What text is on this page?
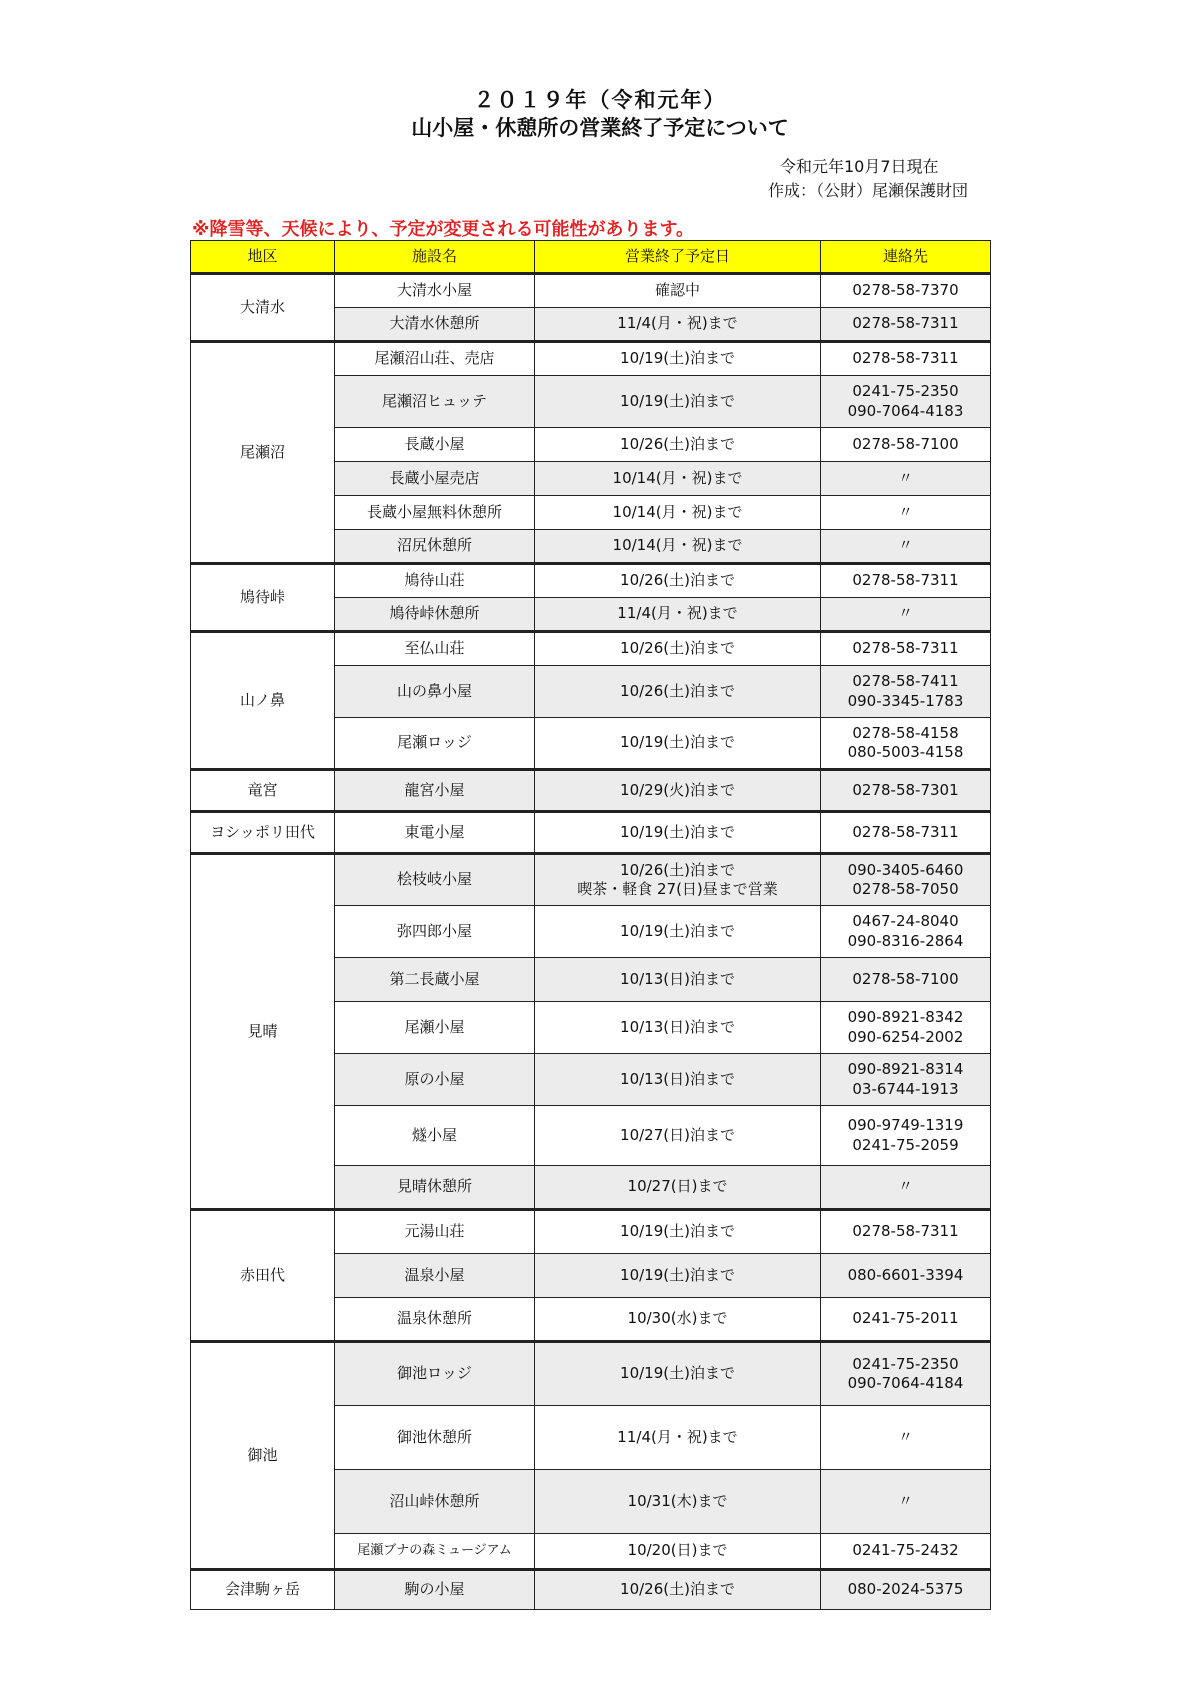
２０１９年（令和元年）
山小屋・休憩所の営業終了予定について
令和元年10月7日現在
作成：（公財）尾瀬保護財団
※降雪等、天候により、予定が変更される可能性があります。
地区	施設名	営業終了予定日	連絡先
大清水	大清水小屋	確認中	0278-58-7370

	大清水休憩所	11/4(月・祝)まで	0278-58-7311

尾瀬沼	尾瀬沼山荘、売店	10/19(土)泊まで	0278-58-7311

	尾瀬沼ヒュッテ	10/19(土)泊まで	0241-75-2350
090-7064-4183

	長蔵小屋	10/26(土)泊まで	0278-58-7100

	長蔵小屋売店	10/14(月・祝)まで	〃

	長蔵小屋無料休憩所	10/14(月・祝)まで	〃

	沼尻休憩所	10/14(月・祝)まで	〃

鳩待峠	鳩待山荘	10/26(土)泊まで	0278-58-7311

	鳩待峠休憩所	11/4(月・祝)まで	〃

山ノ鼻	至仏山荘	10/26(土)泊まで	0278-58-7311

	山の鼻小屋	10/26(土)泊まで	0278-58-7411
090-3345-1783

	尾瀬ロッジ	10/19(土)泊まで	0278-58-4158
080-5003-4158

竜宮	龍宮小屋	10/29(火)泊まで	0278-58-7301

ヨシッポリ田代	東電小屋	10/19(土)泊まで	0278-58-7311

見晴	桧枝岐小屋	10/26(土)泊まで
喫茶・軽食 27(日)昼まで営業	090-3405-6460
0278-58-7050

	弥四郎小屋	10/19(土)泊まで	0467-24-8040
090-8316-2864

	第二長蔵小屋	10/13(日)泊まで	0278-58-7100

	尾瀬小屋	10/13(日)泊まで	090-8921-8342
090-6254-2002

	原の小屋	10/13(日)泊まで	090-8921-8314
03-6744-1913

	燧小屋	10/27(日)泊まで	090-9749-1319
0241-75-2059

	見晴休憩所	10/27(日)まで	〃

赤田代	元湯山荘	10/19(土)泊まで	0278-58-7311

	温泉小屋	10/19(土)泊まで	080-6601-3394

	温泉休憩所	10/30(水)まで	0241-75-2011

御池	御池ロッジ	10/19(土)泊まで	0241-75-2350
090-7064-4184

	御池休憩所	11/4(月・祝)まで	〃

	沼山峠休憩所	10/31(木)まで	〃

	尾瀬ブナの森ミュージアム	10/20(日)まで	0241-75-2432

会津駒ヶ岳	駒の小屋	10/26(土)泊まで	080-2024-5375
